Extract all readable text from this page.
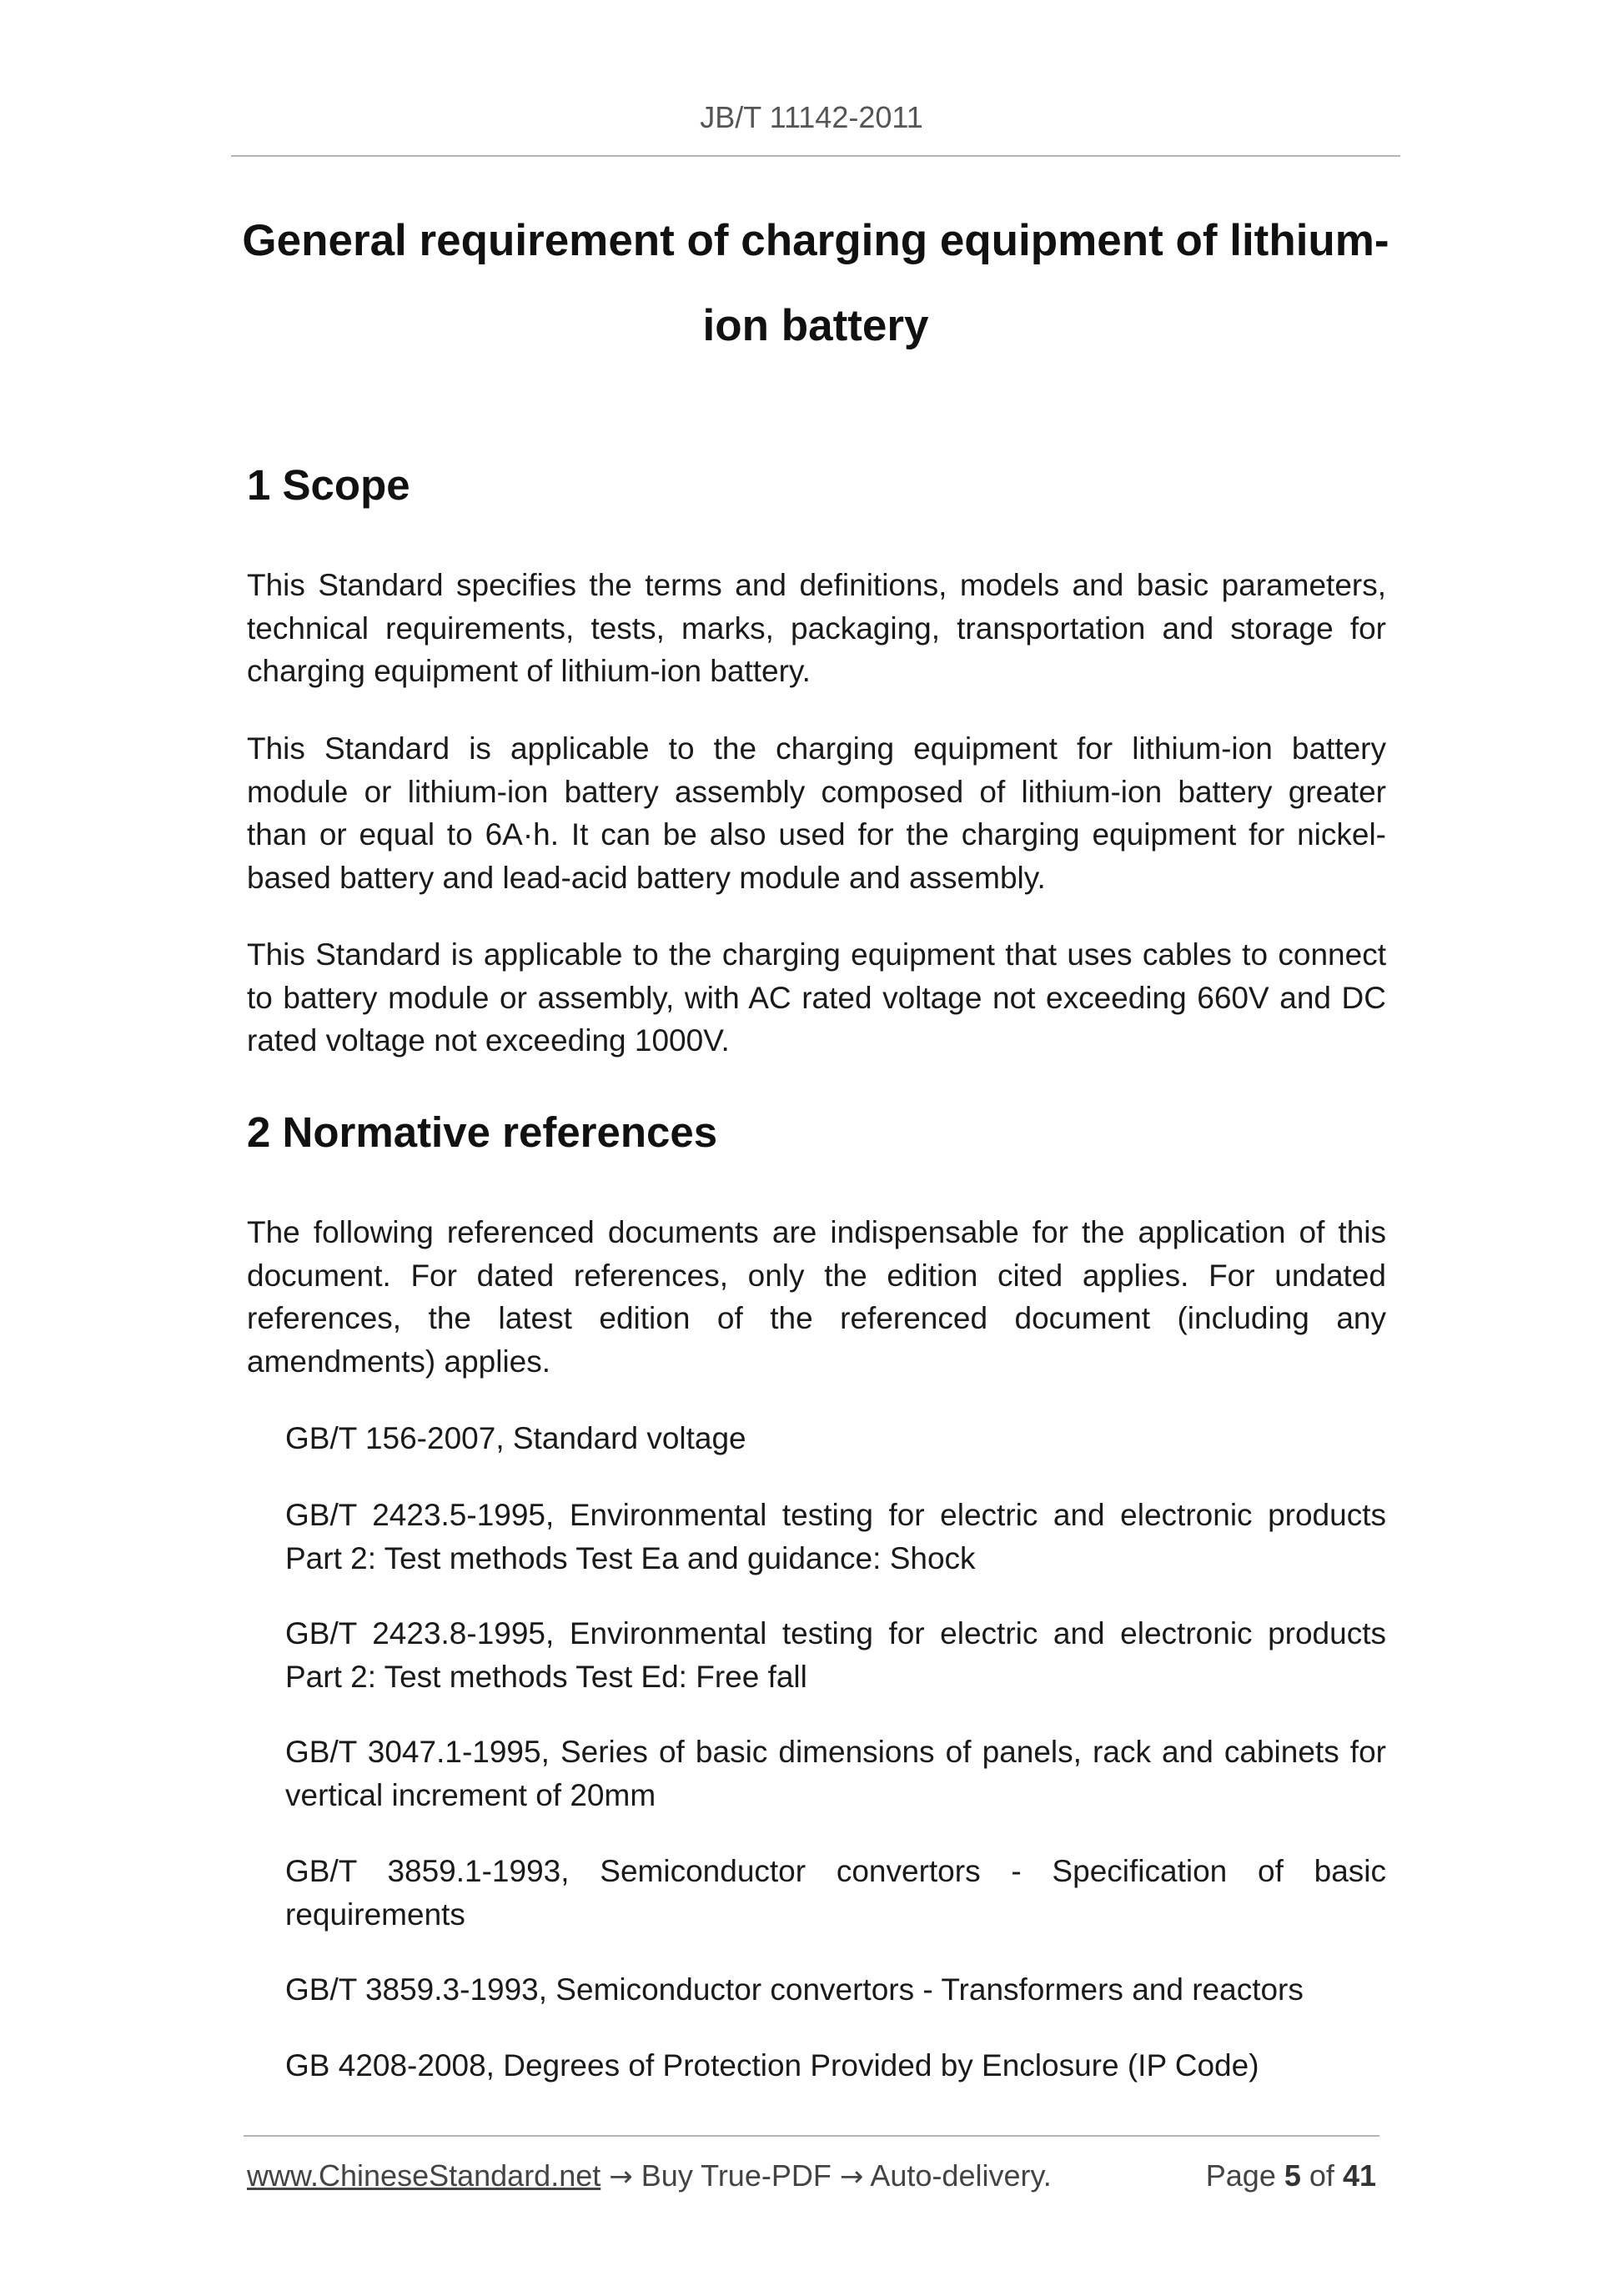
JB/T 11142-2011
General requirement of charging equipment of lithium-ion battery
1 Scope

This Standard specifies the terms and definitions, models and basic parameters, technical requirements, tests, marks, packaging, transportation and storage for charging equipment of lithium-ion battery.

This Standard is applicable to the charging equipment for lithium-ion battery module or lithium-ion battery assembly composed of lithium-ion battery greater than or equal to 6A·h. It can be also used for the charging equipment for nickel-based battery and lead-acid battery module and assembly.

This Standard is applicable to the charging equipment that uses cables to connect to battery module or assembly, with AC rated voltage not exceeding 660V and DC rated voltage not exceeding 1000V.

2 Normative references

The following referenced documents are indispensable for the application of this document. For dated references, only the edition cited applies. For undated references, the latest edition of the referenced document (including any amendments) applies.

GB/T 156-2007, Standard voltage

GB/T 2423.5-1995, Environmental testing for electric and electronic products Part 2: Test methods Test Ea and guidance: Shock

GB/T 2423.8-1995, Environmental testing for electric and electronic products Part 2: Test methods Test Ed: Free fall

GB/T 3047.1-1995, Series of basic dimensions of panels, rack and cabinets for vertical increment of 20mm

GB/T 3859.1-1993, Semiconductor convertors - Specification of basic requirements

GB/T 3859.3-1993, Semiconductor convertors - Transformers and reactors

GB 4208-2008, Degrees of Protection Provided by Enclosure (IP Code)

www.ChineseStandard.net → Buy True-PDF → Auto-delivery.	Page 5 of 41
